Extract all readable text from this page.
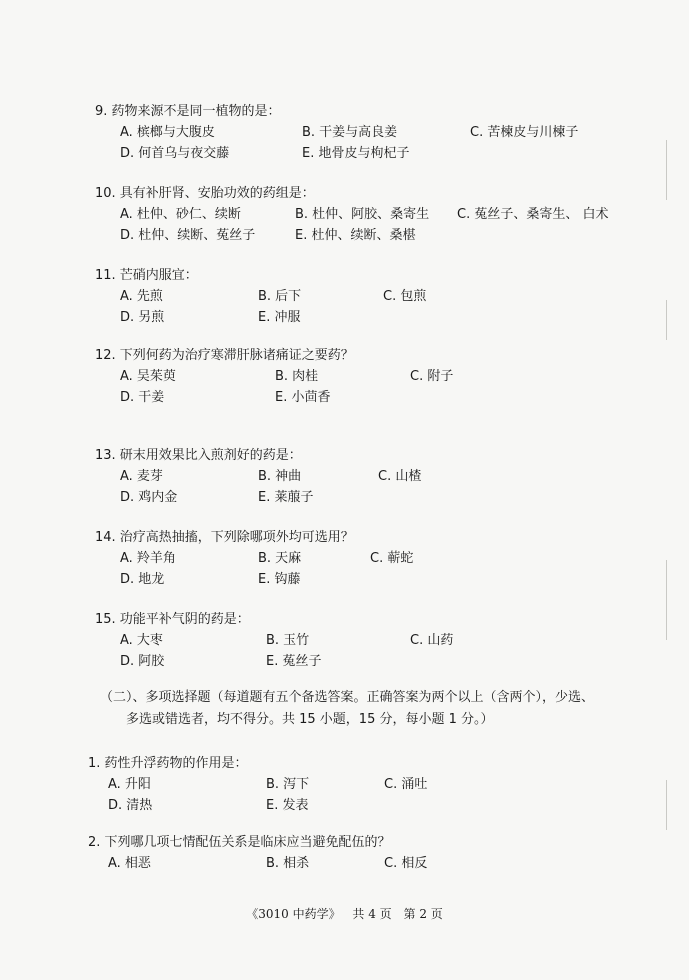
9. 药物来源不是同一植物的是：
A. 槟榔与大腹皮	B. 干姜与高良姜	C. 苦楝皮与川楝子
D. 何首乌与夜交藤	E. 地骨皮与枸杞子
10. 具有补肝肾、安胎功效的药组是：
A. 杜仲、砂仁、续断	B. 杜仲、阿胶、桑寄生 C. 菟丝子、桑寄生、 白术
D. 杜仲、续断、菟丝子	E. 杜仲、续断、桑椹
11. 芒硝内服宜：
A. 先煎	B. 后下	C. 包煎
D. 另煎	E. 冲服
12. 下列何药为治疗寒滞肝脉诸痛证之要药？
A. 吴茱萸	B. 肉桂	C. 附子
D. 干姜	E. 小茴香
13. 研末用效果比入煎剂好的药是：
A. 麦芽	B. 神曲	C. 山楂
D. 鸡内金	E. 莱菔子
14. 治疗高热抽搐，下列除哪项外均可选用？
A. 羚羊角	B. 天麻	C. 蕲蛇
D. 地龙	E. 钩藤
15. 功能平补气阴的药是：
A. 大枣	B. 玉竹	C. 山药
D. 阿胶	E. 菟丝子
（二）、多项选择题（每道题有五个备选答案。正确答案为两个以上（含两个），少选、
多选或错选者，均不得分。共 15 小题，15 分，每小题 1 分。）
1. 药性升浮药物的作用是：
A. 升阳	B. 泻下	C. 涌吐
D. 清热	E. 发表
2. 下列哪几项七情配伍关系是临床应当避免配伍的？
A. 相恶	B. 相杀	C. 相反
《3010 中药学》 共 4 页 第 2 页
